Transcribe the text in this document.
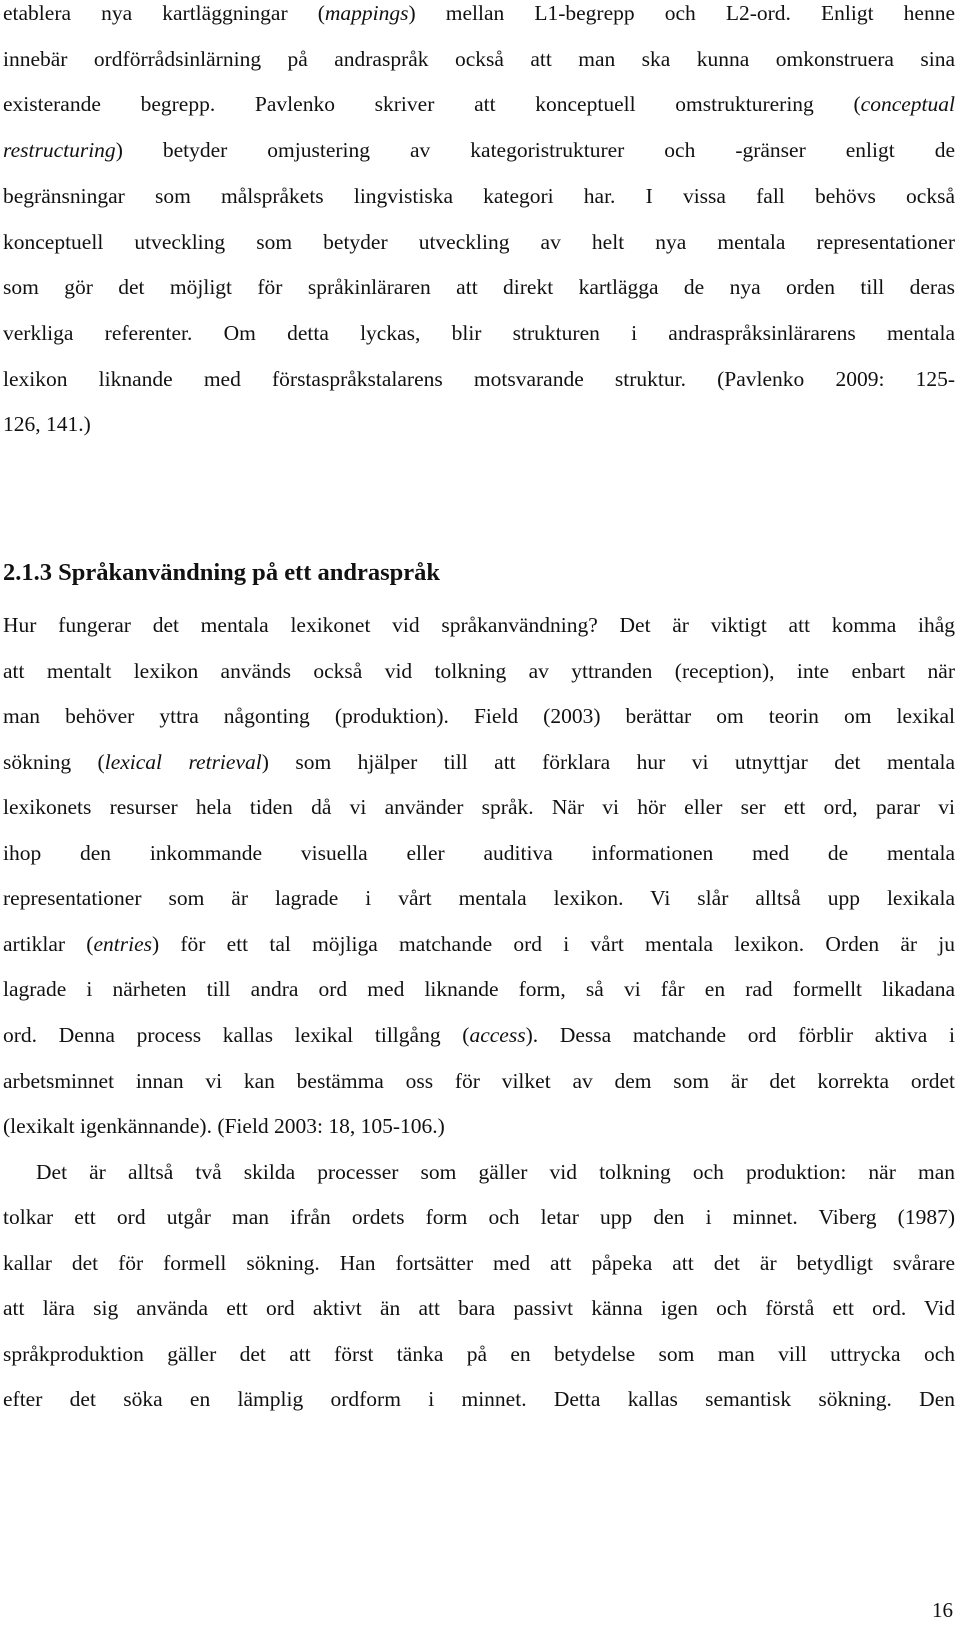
etablera nya kartläggningar (mappings) mellan L1-begrepp och L2-ord. Enligt henne
innebär ordförrådsinlärning på andraspråk också att man ska kunna omkonstruera sina
existerande begrepp. Pavlenko skriver att konceptuell omstrukturering (conceptual
restructuring) betyder omjustering av kategoristrukturer och -gränser enligt de
begränsningar som målspråkets lingvistiska kategori har. I vissa fall behövs också
konceptuell utveckling som betyder utveckling av helt nya mentala representationer
som gör det möjligt för språkinläraren att direkt kartlägga de nya orden till deras
verkliga referenter. Om detta lyckas, blir strukturen i andraspråksinlärarens mentala
lexikon liknande med förstaspråkstalarens motsvarande struktur. (Pavlenko 2009: 125-
126, 141.)
2.1.3 Språkanvändning på ett andraspråk
Hur fungerar det mentala lexikonet vid språkanvändning? Det är viktigt att komma ihåg
att mentalt lexikon används också vid tolkning av yttranden (reception), inte enbart när
man behöver yttra någonting (produktion). Field (2003) berättar om teorin om lexikal
sökning (lexical retrieval) som hjälper till att förklara hur vi utnyttjar det mentala
lexikonets resurser hela tiden då vi använder språk. När vi hör eller ser ett ord, parar vi
ihop den inkommande visuella eller auditiva informationen med de mentala
representationer som är lagrade i vårt mentala lexikon. Vi slår alltså upp lexikala
artiklar (entries) för ett tal möjliga matchande ord i vårt mentala lexikon. Orden är ju
lagrade i närheten till andra ord med liknande form, så vi får en rad formellt likadana
ord. Denna process kallas lexikal tillgång (access). Dessa matchande ord förblir aktiva i
arbetsminnet innan vi kan bestämma oss för vilket av dem som är det korrekta ordet
(lexikalt igenkännande). (Field 2003: 18, 105-106.)
Det är alltså två skilda processer som gäller vid tolkning och produktion: när man
tolkar ett ord utgår man ifrån ordets form och letar upp den i minnet. Viberg (1987)
kallar det för formell sökning. Han fortsätter med att påpeka att det är betydligt svårare
att lära sig använda ett ord aktivt än att bara passivt känna igen och förstå ett ord. Vid
språkproduktion gäller det att först tänka på en betydelse som man vill uttrycka och
efter det söka en lämplig ordform i minnet. Detta kallas semantisk sökning. Den
16
